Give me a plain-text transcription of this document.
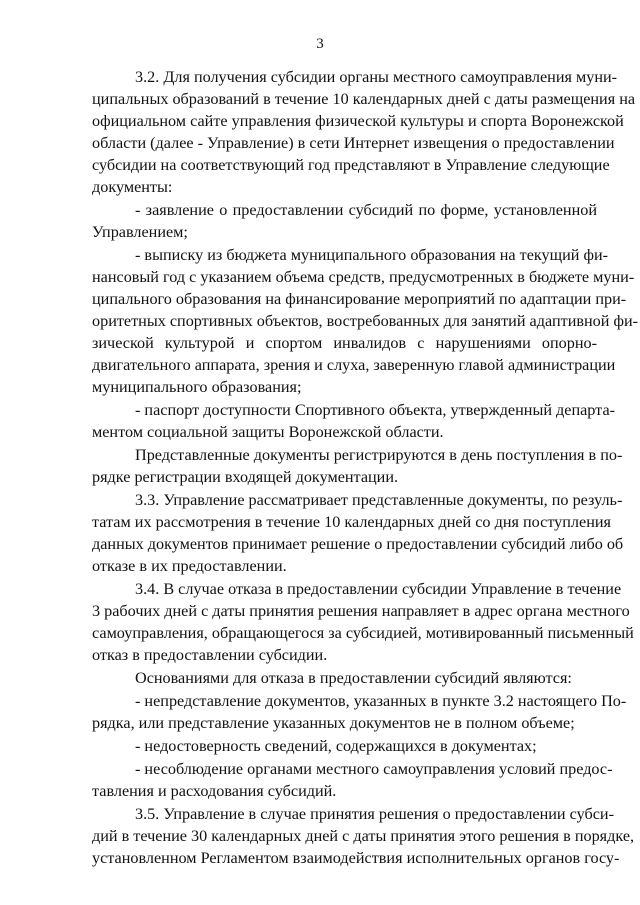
3
3.2. Для получения субсидии органы местного самоуправления муни-
ципальных образований в течение 10 календарных дней с даты размещения на
официальном сайте управления физической культуры и спорта Воронежской
области (далее - Управление) в сети Интернет извещения о предоставлении
субсидии на соответствующий год представляют в Управление следующие
документы:
- заявление о предоставлении субсидий по форме, установленной
Управлением;
- выписку из бюджета муниципального образования на текущий фи-
нансовый год с указанием объема средств, предусмотренных в бюджете муни-
ципального образования на финансирование мероприятий по адаптации при-
оритетных спортивных объектов, востребованных для занятий адаптивной фи-
зической культурой и спортом инвалидов с нарушениями опорно-
двигательного аппарата, зрения и слуха, заверенную главой администрации
муниципального образования;
- паспорт доступности Спортивного объекта, утвержденный департа-
ментом социальной защиты Воронежской области.
Представленные документы регистрируются в день поступления в по-
рядке регистрации входящей документации.
3.3. Управление рассматривает представленные документы, по резуль-
татам их рассмотрения в течение 10 календарных дней со дня поступления
данных документов принимает решение о предоставлении субсидий либо об
отказе в их предоставлении.
3.4. В случае отказа в предоставлении субсидии Управление в течение
3 рабочих дней с даты принятия решения направляет в адрес органа местного
самоуправления, обращающегося за субсидией, мотивированный письменный
отказ в предоставлении субсидии.
Основаниями для отказа в предоставлении субсидий являются:
- непредставление документов, указанных в пункте 3.2 настоящего По-
рядка, или представление указанных документов не в полном объеме;
- недостоверность сведений, содержащихся в документах;
- несоблюдение органами местного самоуправления условий предос-
тавления и расходования субсидий.
3.5. Управление в случае принятия решения о предоставлении субси-
дий в течение 30 календарных дней с даты принятия этого решения в порядке,
установленном Регламентом взаимодействия исполнительных органов госу-
